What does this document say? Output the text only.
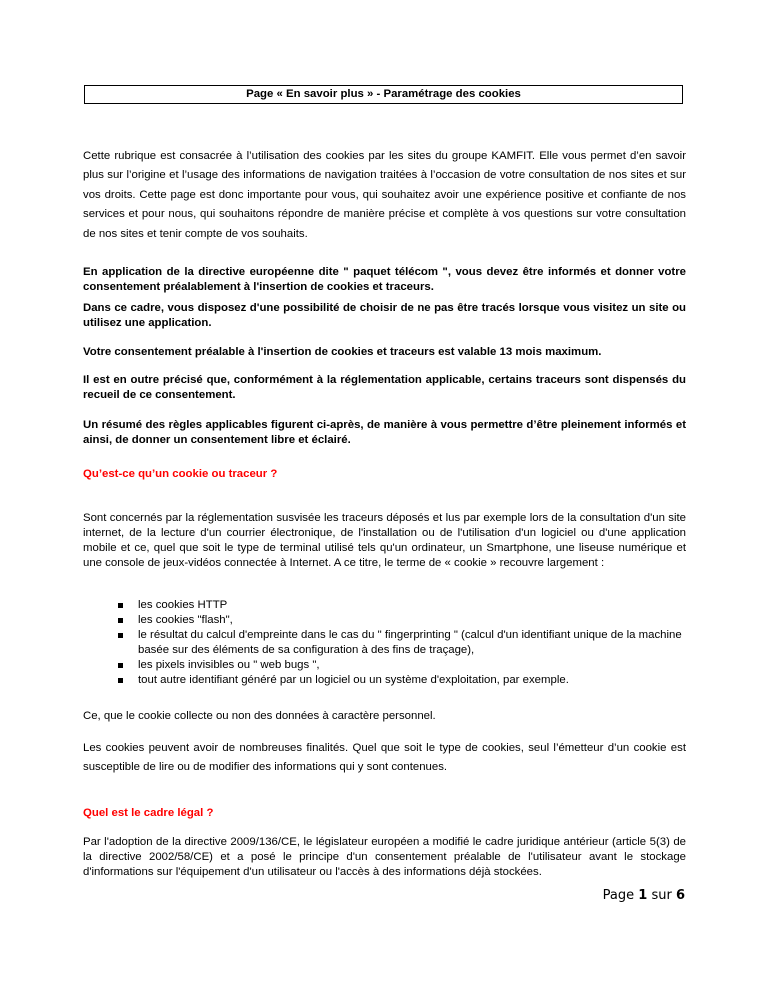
Page « En savoir plus » - Paramétrage des cookies
Cette rubrique est consacrée à l’utilisation des cookies par les sites du groupe KAMFIT. Elle vous permet d’en savoir plus sur l’origine et l’usage des informations de navigation traitées à l’occasion de votre consultation de nos sites et sur vos droits. Cette page est donc importante pour vous, qui souhaitez avoir une expérience positive et confiante de nos services et pour nous, qui souhaitons répondre de manière précise et complète à vos questions sur votre consultation de nos sites et tenir compte de vos souhaits.
En application de la directive européenne dite " paquet télécom ", vous devez être informés et donner votre consentement préalablement à l'insertion de cookies et traceurs.
Dans ce cadre, vous disposez d'une possibilité de choisir de ne pas être tracés lorsque vous visitez un site ou utilisez une application.
Votre consentement préalable à l'insertion de cookies et traceurs est valable 13 mois maximum.
Il est en outre précisé que, conformément à la réglementation applicable, certains traceurs sont dispensés du recueil de ce consentement.
Un résumé des règles applicables figurent ci-après, de manière à vous permettre d’être pleinement informés et ainsi, de donner un consentement libre et éclairé.
Qu’est-ce qu’un cookie ou traceur ?
Sont concernés par la réglementation susvisée les traceurs déposés et lus par exemple lors de la consultation d'un site internet, de la lecture d'un courrier électronique, de l'installation ou de l'utilisation d'un logiciel ou d'une application mobile et ce, quel que soit le type de terminal utilisé tels qu'un ordinateur, un Smartphone, une liseuse numérique et une console de jeux-vidéos connectée à Internet. A ce titre, le terme de « cookie » recouvre largement :
les cookies HTTP
les cookies "flash",
le résultat du calcul d'empreinte dans le cas du " fingerprinting " (calcul d'un identifiant unique de la machine basée sur des éléments de sa configuration à des fins de traçage),
les pixels invisibles ou " web bugs ",
tout autre identifiant généré par un logiciel ou un système d'exploitation, par exemple.
Ce, que le cookie collecte ou non des données à caractère personnel.
Les cookies peuvent avoir de nombreuses finalités. Quel que soit le type de cookies, seul l’émetteur d’un cookie est susceptible de lire ou de modifier des informations qui y sont contenues.
Quel est le cadre légal ?
Par l'adoption de la directive 2009/136/CE, le législateur européen a modifié le cadre juridique antérieur (article 5(3) de la directive 2002/58/CE) et a posé le principe d'un consentement préalable de l'utilisateur avant le stockage d'informations sur l'équipement d'un utilisateur ou l'accès à des informations déjà stockées.
Page 1 sur 6
